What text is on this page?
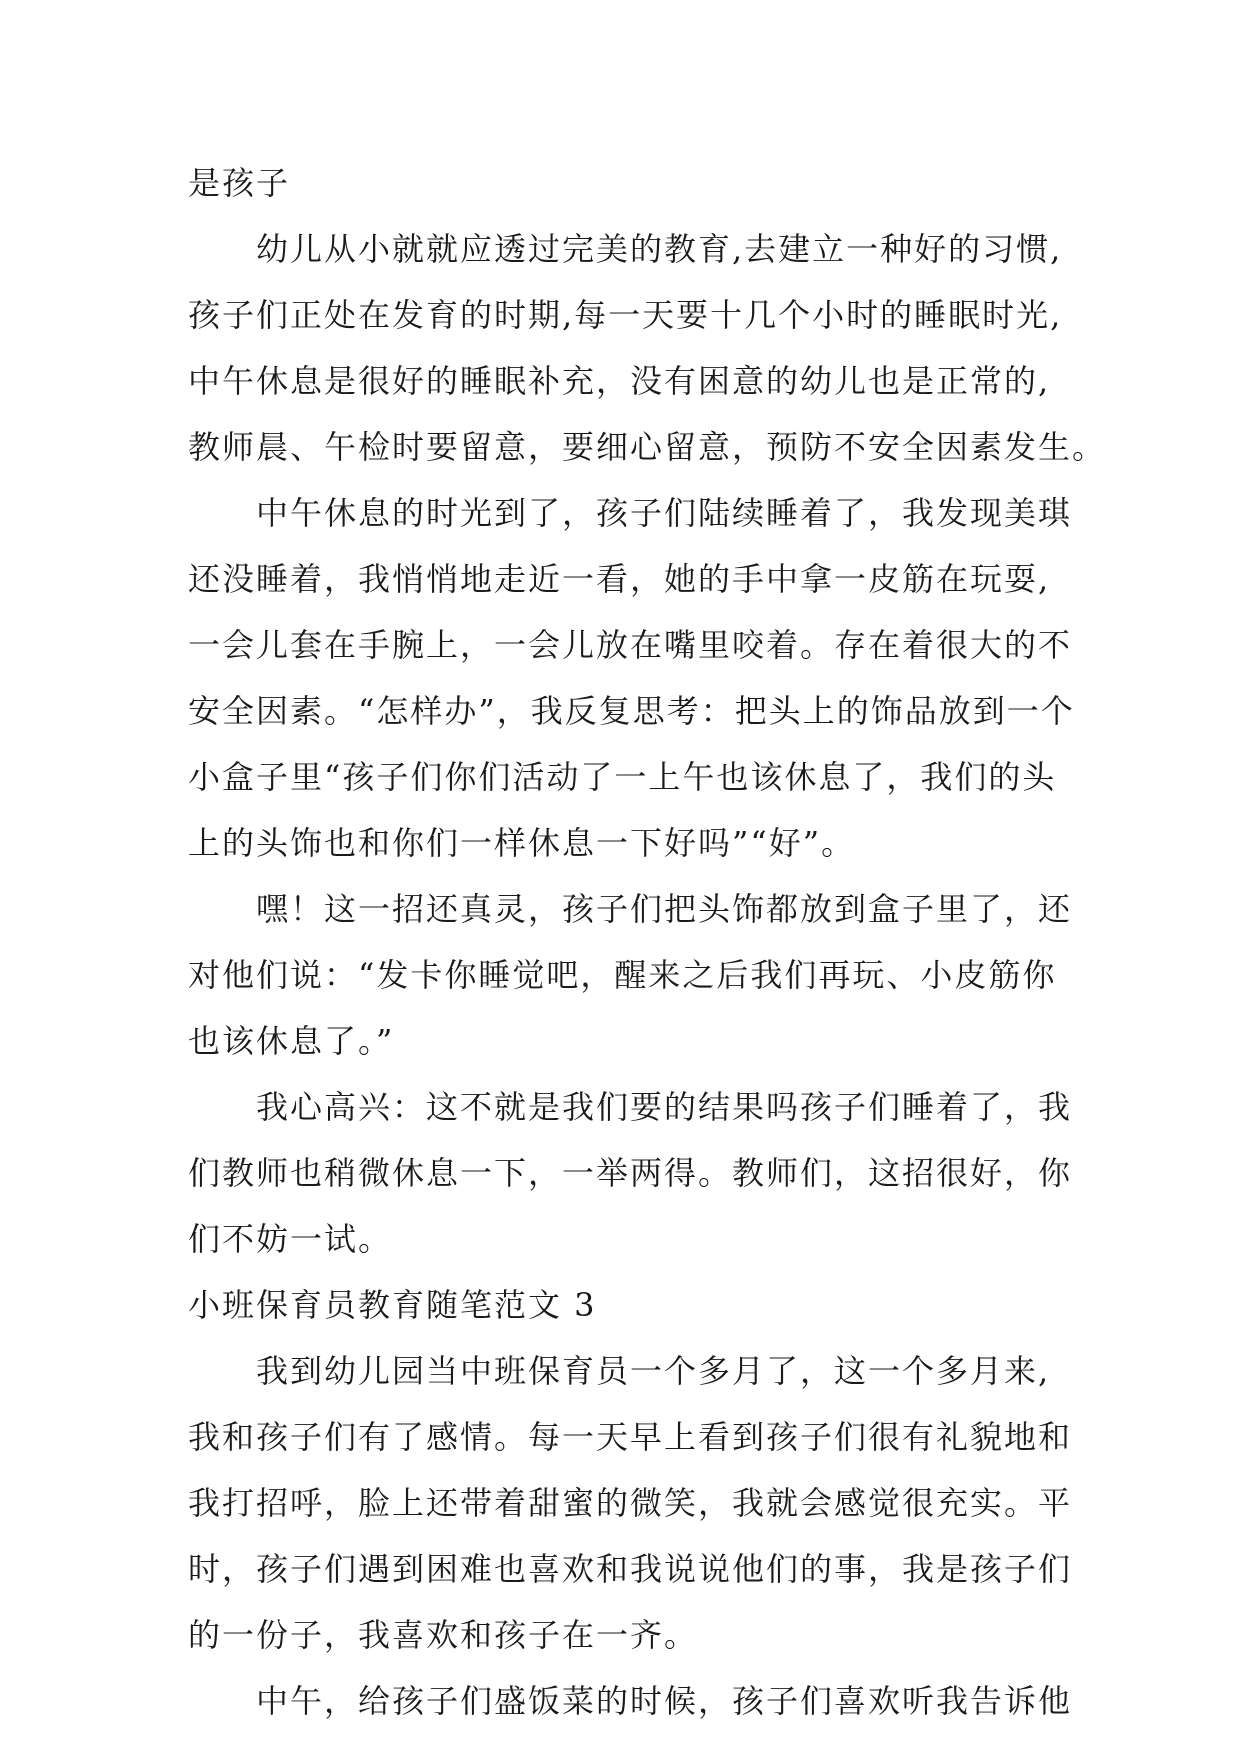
是孩子
幼儿从小就就应透过完美的教育,去建立一种好的习惯,
孩子们正处在发育的时期,每一天要十几个小时的睡眠时光,
中午休息是很好的睡眠补充，没有困意的幼儿也是正常的,
教师晨、午检时要留意，要细心留意，预防不安全因素发生。
中午休息的时光到了，孩子们陆续睡着了，我发现美琪
还没睡着，我悄悄地走近一看，她的手中拿一皮筋在玩耍,
一会儿套在手腕上，一会儿放在嘴里咬着。存在着很大的不
安全因素。“怎样办”，我反复思考：把头上的饰品放到一个
小盒子里“孩子们你们活动了一上午也该休息了，我们的头
上的头饰也和你们一样休息一下好吗”“好”。
嘿！这一招还真灵，孩子们把头饰都放到盒子里了，还
对他们说：“发卡你睡觉吧，醒来之后我们再玩、小皮筋你
也该休息了。”
我心高兴：这不就是我们要的结果吗孩子们睡着了，我
们教师也稍微休息一下，一举两得。教师们，这招很好，你
们不妨一试。
小班保育员教育随笔范文 3
我到幼儿园当中班保育员一个多月了，这一个多月来,
我和孩子们有了感情。每一天早上看到孩子们很有礼貌地和
我打招呼，脸上还带着甜蜜的微笑，我就会感觉很充实。平
时，孩子们遇到困难也喜欢和我说说他们的事，我是孩子们
的一份子，我喜欢和孩子在一齐。
中午，给孩子们盛饭菜的时候，孩子们喜欢听我告诉他
